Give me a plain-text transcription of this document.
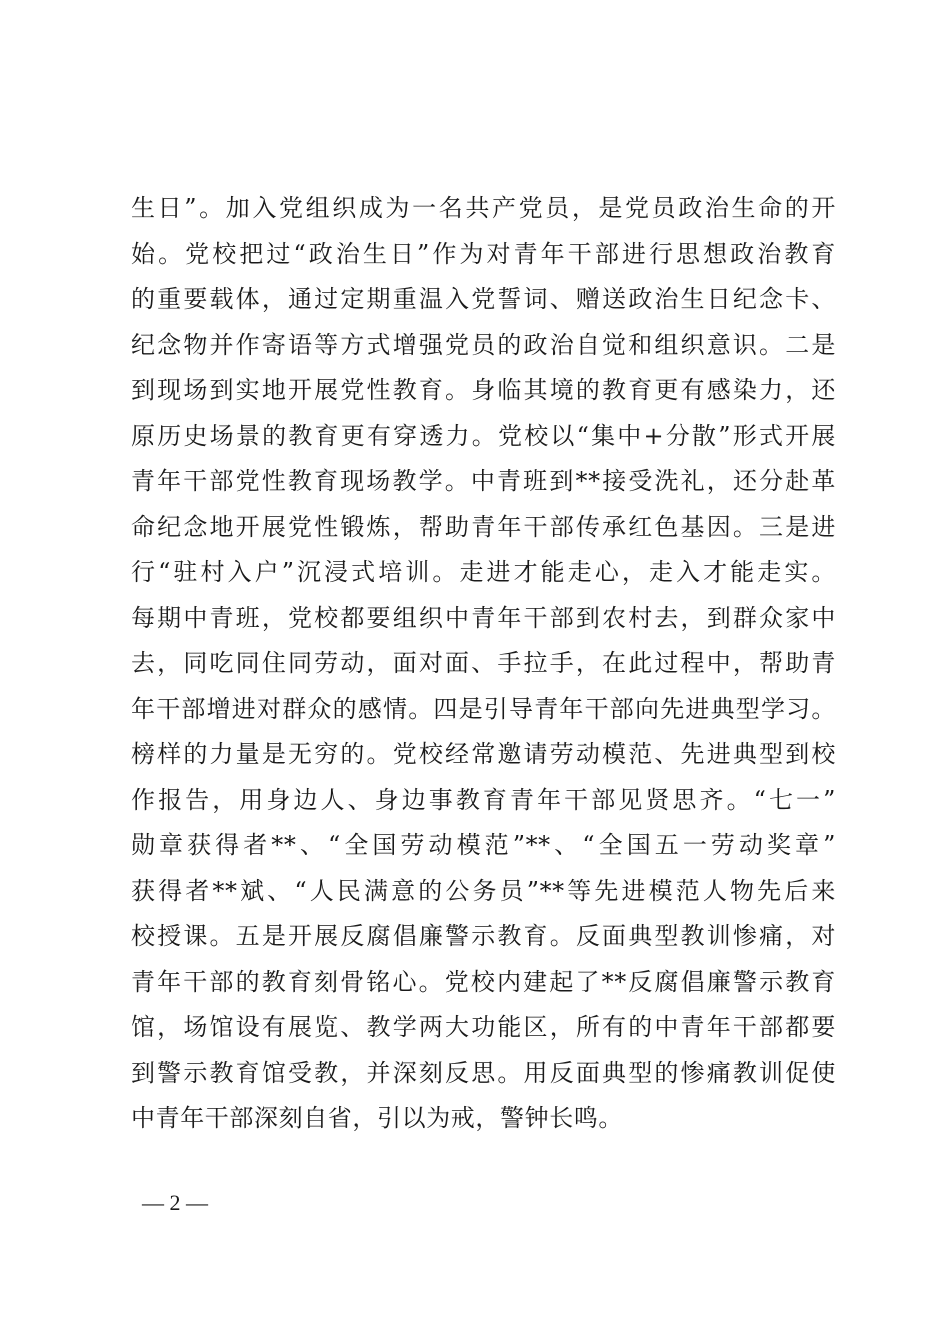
生日”。加入党组织成为一名共产党员，是党员政治生命的开
始。党校把过“政治生日”作为对青年干部进行思想政治教育
的重要载体，通过定期重温入党誓词、赠送政治生日纪念卡、
纪念物并作寄语等方式增强党员的政治自觉和组织意识。二是
到现场到实地开展党性教育。身临其境的教育更有感染力，还
原历史场景的教育更有穿透力。党校以“集中+分散”形式开展
青年干部党性教育现场教学。中青班到**接受洗礼，还分赴革
命纪念地开展党性锻炼，帮助青年干部传承红色基因。三是进
行“驻村入户”沉浸式培训。走进才能走心，走入才能走实。
每期中青班，党校都要组织中青年干部到农村去，到群众家中
去，同吃同住同劳动，面对面、手拉手，在此过程中，帮助青
年干部增进对群众的感情。四是引导青年干部向先进典型学习。
榜样的力量是无穷的。党校经常邀请劳动模范、先进典型到校
作报告，用身边人、身边事教育青年干部见贤思齐。“七一”
勋章获得者**、“全国劳动模范”**、“全国五一劳动奖章”
获得者**斌、“人民满意的公务员”**等先进模范人物先后来
校授课。五是开展反腐倡廉警示教育。反面典型教训惨痛，对
青年干部的教育刻骨铭心。党校内建起了**反腐倡廉警示教育
馆，场馆设有展览、教学两大功能区，所有的中青年干部都要
到警示教育馆受教，并深刻反思。用反面典型的惨痛教训促使
中青年干部深刻自省，引以为戒，警钟长鸣。
— 2 —
